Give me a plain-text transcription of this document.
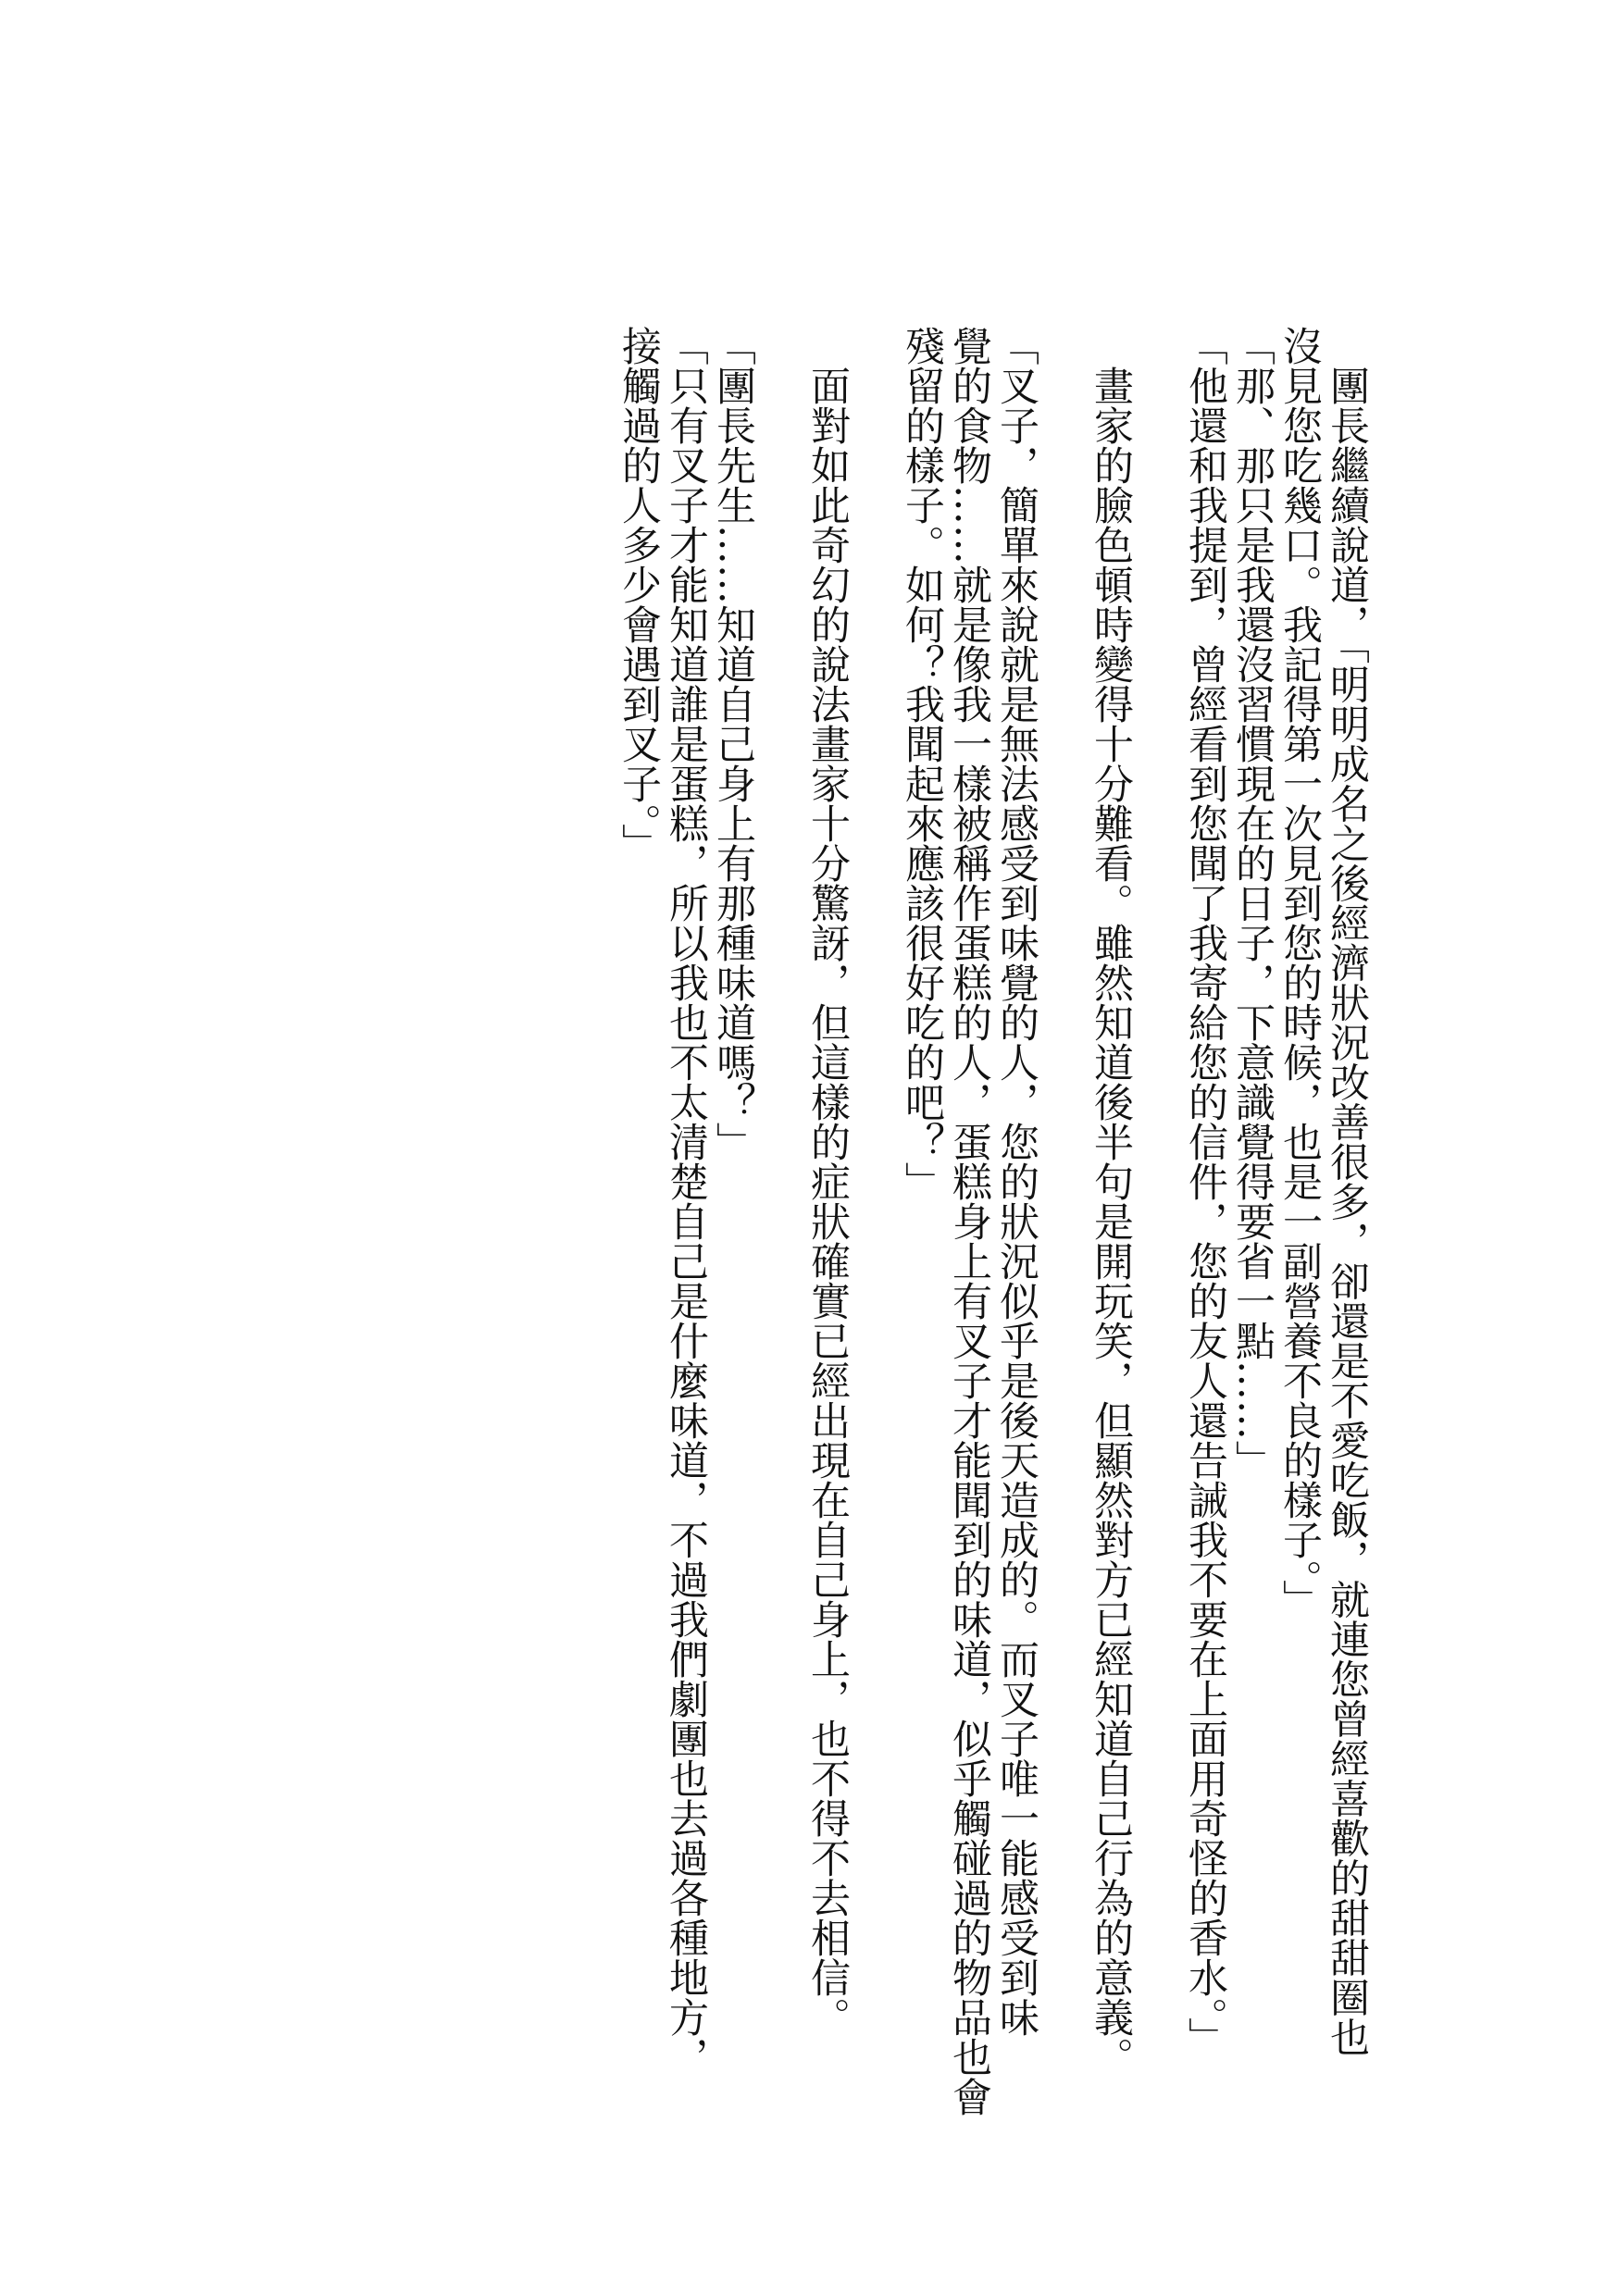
團長繼續說道，「明明成名之後經濟狀況改善很多，卻還是不愛吃飯，就連您曾經喜歡的甜甜圈也

沒見您吃幾口。我記得第一次見到您的時候，也是一副營養不良的樣子。」

「那、那只是我還沒習慣現在的日子，下意識覺得要省一點……」

「他還和我提到，曾經看到您聞了我寄給您的信件，您的友人還告誡我不要在上面用奇怪的香水。」

畫家的臉色頓時變得十分難看。雖然知道後半句是開玩笑，但顯然對方已經知道自己行為的意義。

「叉子，簡單來說就是無法感受到味覺的人，您的狀況似乎是後天造成的。而叉子唯一能感受到味

覺的食物……就是像我一樣被稱作蛋糕的人，蛋糕身上有叉子才能聞到的味道，似乎觸碰過的物品也會

殘留的樣子。如何？我聞起來應該很好吃的吧？」

面對如此奇幻的說法畫家十分驚訝，但這樣的症狀確實已經出現在自己身上，也不得不去相信。

「團長先生……知道自己身上有那種味道嗎？」

「只有叉子才能知道誰是蛋糕，所以我也不太清楚自己是什麼味道，不過我們劇團也去過各種地方，

接觸過的人多少會遇到叉子。」
